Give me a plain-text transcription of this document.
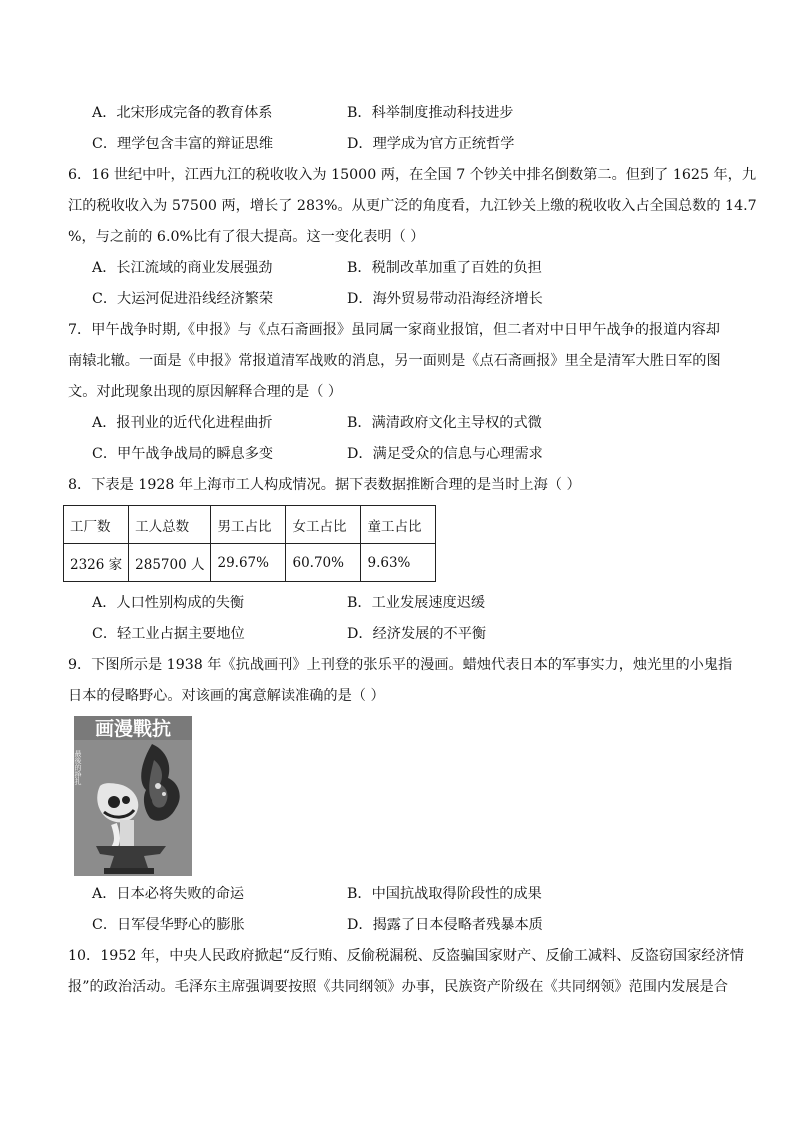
A．北宋形成完备的教育体系	B．科举制度推动科技进步
C．理学包含丰富的辩证思维	D．理学成为官方正统哲学
6．16 世纪中叶，江西九江的税收收入为 15000 两，在全国 7 个钞关中排名倒数第二。但到了 1625 年，九
江的税收收入为 57500 两，增长了 283%。从更广泛的角度看，九江钞关上缴的税收收入占全国总数的 14.7
%，与之前的 6.0%比有了很大提高。这一变化表明（ ）
A．长江流域的商业发展强劲	B．税制改革加重了百姓的负担
C．大运河促进沿线经济繁荣	D．海外贸易带动沿海经济增长
7．甲午战争时期,《申报》与《点石斋画报》虽同属一家商业报馆，但二者对中日甲午战争的报道内容却
南辕北辙。一面是《申报》常报道清军战败的消息，另一面则是《点石斋画报》里全是清军大胜日军的图
文。对此现象出现的原因解释合理的是（ ）
A．报刊业的近代化进程曲折	B．满清政府文化主导权的式微
C．甲午战争战局的瞬息多变	D．满足受众的信息与心理需求
8．下表是 1928 年上海市工人构成情况。据下表数据推断合理的是当时上海（ ）
工厂数	工人总数	男工占比	女工占比	童工占比
2326 家	285700 人	29.67%	60.70%	9.63%
A．人口性别构成的失衡	B．工业发展速度迟缓
C．轻工业占据主要地位	D．经济发展的不平衡
9．下图所示是 1938 年《抗战画刊》上刊登的张乐平的漫画。蜡烛代表日本的军事实力，烛光里的小鬼指
日本的侵略野心。对该画的寓意解读准确的是（ ）
画漫戰抗
最後的挣扎
A．日本必将失败的命运	B．中国抗战取得阶段性的成果
C．日军侵华野心的膨胀	D．揭露了日本侵略者残暴本质
10．1952 年，中央人民政府掀起“反行贿、反偷税漏税、反盗骗国家财产、反偷工减料、反盗窃国家经济情
报”的政治活动。毛泽东主席强调要按照《共同纲领》办事，民族资产阶级在《共同纲领》范围内发展是合
